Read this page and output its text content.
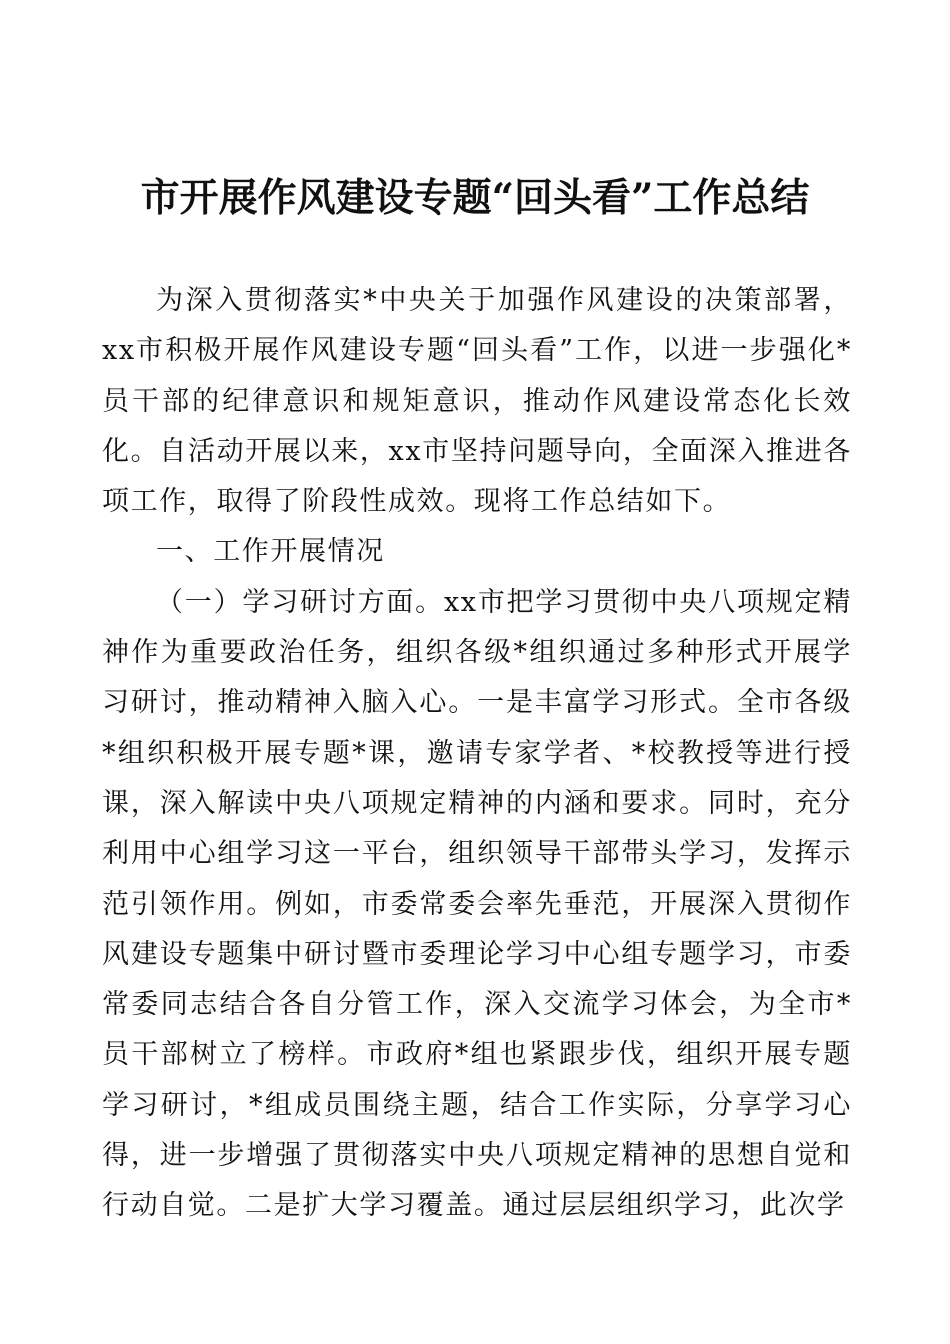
市开展作风建设专题“回头看”工作总结

为深入贯彻落实*中央关于加强作风建设的决策部署，xx市积极开展作风建设专题“回头看”工作，以进一步强化*员干部的纪律意识和规矩意识，推动作风建设常态化长效化。自活动开展以来，xx市坚持问题导向，全面深入推进各项工作，取得了阶段性成效。现将工作总结如下。

一、工作开展情况

（一）学习研讨方面。xx市把学习贯彻中央八项规定精神作为重要政治任务，组织各级*组织通过多种形式开展学习研讨，推动精神入脑入心。一是丰富学习形式。全市各级*组织积极开展专题*课，邀请专家学者、*校教授等进行授课，深入解读中央八项规定精神的内涵和要求。同时，充分利用中心组学习这一平台，组织领导干部带头学习，发挥示范引领作用。例如，市委常委会率先垂范，开展深入贯彻作风建设专题集中研讨暨市委理论学习中心组专题学习，市委常委同志结合各自分管工作，深入交流学习体会，为全市*员干部树立了榜样。市政府*组也紧跟步伐，组织开展专题学习研讨，*组成员围绕主题，结合工作实际，分享学习心得，进一步增强了贯彻落实中央八项规定精神的思想自觉和行动自觉。二是扩大学习覆盖。通过层层组织学习，此次学
